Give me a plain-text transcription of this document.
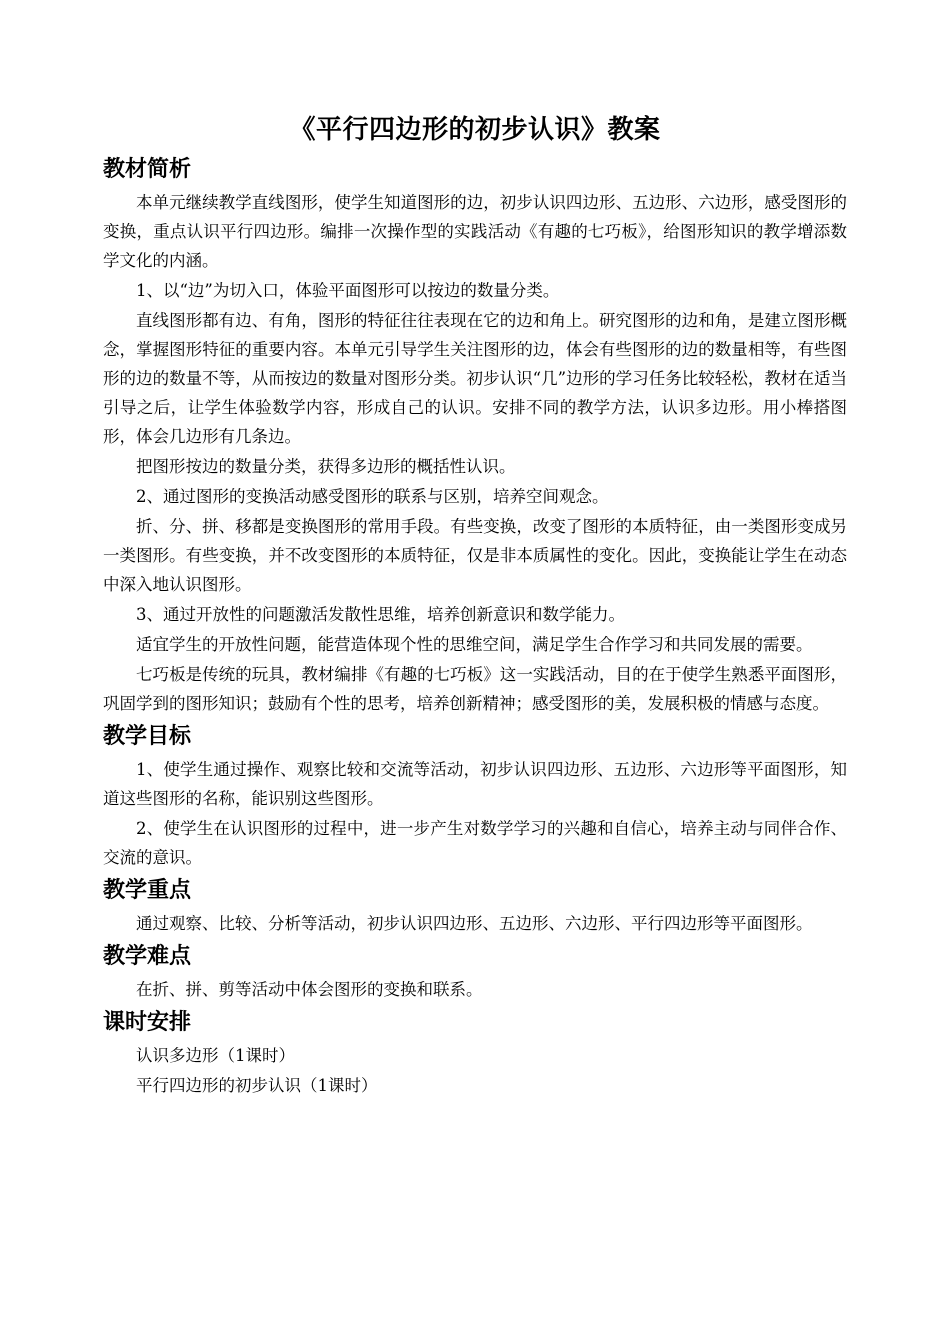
《平行四边形的初步认识》教案
教材简析

本单元继续教学直线图形，使学生知道图形的边，初步认识四边形、五边形、六边形，感受图形的变换，重点认识平行四边形。编排一次操作型的实践活动《有趣的七巧板》，给图形知识的教学增添数学文化的内涵。

1、以“边”为切入口，体验平面图形可以按边的数量分类。

直线图形都有边、有角，图形的特征往往表现在它的边和角上。研究图形的边和角，是建立图形概念，掌握图形特征的重要内容。本单元引导学生关注图形的边，体会有些图形的边的数量相等，有些图形的边的数量不等，从而按边的数量对图形分类。初步认识“几”边形的学习任务比较轻松，教材在适当引导之后，让学生体验数学内容，形成自己的认识。安排不同的教学方法，认识多边形。用小棒搭图形，体会几边形有几条边。

把图形按边的数量分类，获得多边形的概括性认识。

2、通过图形的变换活动感受图形的联系与区别，培养空间观念。

折、分、拼、移都是变换图形的常用手段。有些变换，改变了图形的本质特征，由一类图形变成另一类图形。有些变换，并不改变图形的本质特征，仅是非本质属性的变化。因此，变换能让学生在动态中深入地认识图形。

3、通过开放性的问题激活发散性思维，培养创新意识和数学能力。

适宜学生的开放性问题，能营造体现个性的思维空间，满足学生合作学习和共同发展的需要。

七巧板是传统的玩具，教材编排《有趣的七巧板》这一实践活动，目的在于使学生熟悉平面图形，巩固学到的图形知识；鼓励有个性的思考，培养创新精神；感受图形的美，发展积极的情感与态度。

教学目标

1、使学生通过操作、观察比较和交流等活动，初步认识四边形、五边形、六边形等平面图形，知道这些图形的名称，能识别这些图形。

2、使学生在认识图形的过程中，进一步产生对数学学习的兴趣和自信心，培养主动与同伴合作、交流的意识。

教学重点

通过观察、比较、分析等活动，初步认识四边形、五边形、六边形、平行四边形等平面图形。

教学难点

在折、拼、剪等活动中体会图形的变换和联系。

课时安排

认识多边形（1课时）

平行四边形的初步认识（1课时）
